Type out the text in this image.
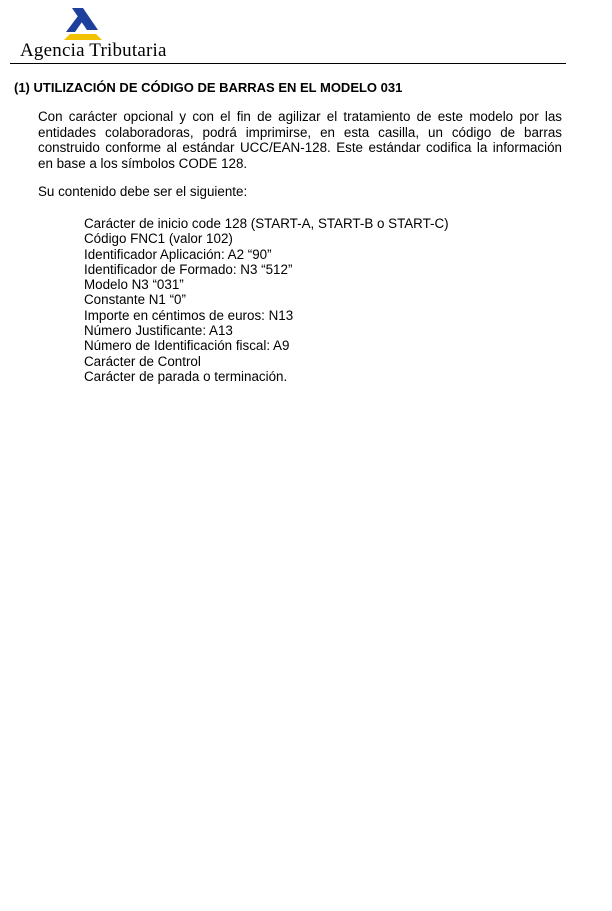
Agencia Tributaria
(1) UTILIZACIÓN DE CÓDIGO DE BARRAS EN EL MODELO 031

Con carácter opcional y con el fin de agilizar el tratamiento de este modelo por las entidades colaboradoras, podrá imprimirse, en esta casilla, un código de barras construido conforme al estándar UCC/EAN-128. Este estándar codifica la información en base a los símbolos CODE 128.

Su contenido debe ser el siguiente:
Carácter de inicio code 128 (START-A, START-B o START-C)
Código FNC1 (valor 102)
Identificador Aplicación: A2 “90”
Identificador de Formado: N3 “512”
Modelo N3 “031”
Constante N1 “0”
Importe en céntimos de euros: N13
Número Justificante: A13
Número de Identificación fiscal: A9
Carácter de Control
Carácter de parada o terminación.
